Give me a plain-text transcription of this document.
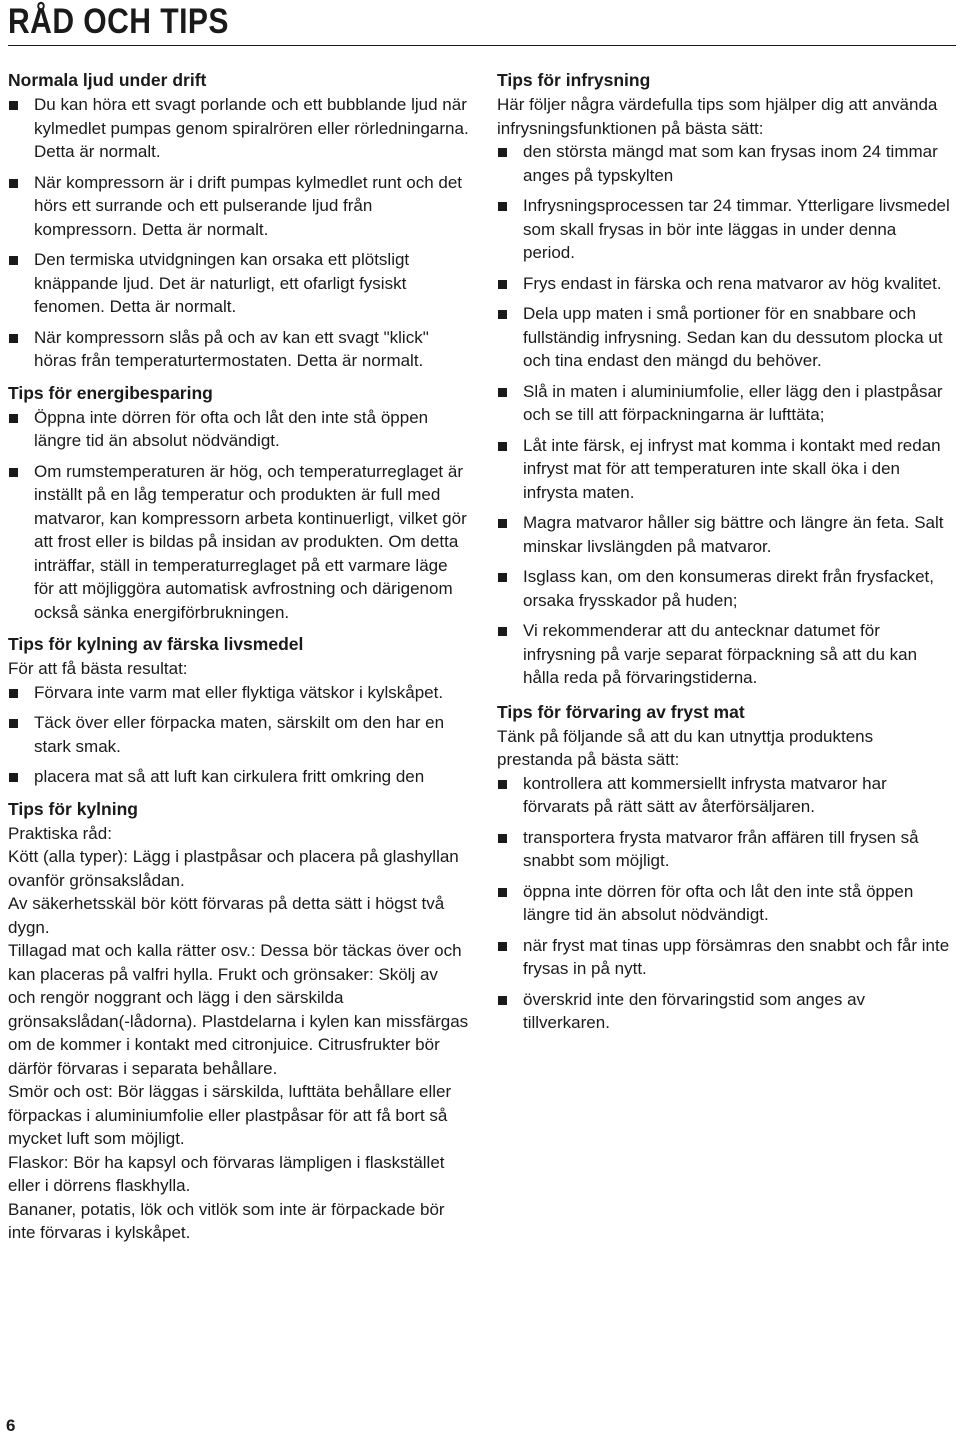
RÅD OCH TIPS
Normala ljud under drift
Du kan höra ett svagt porlande och ett bubblande ljud när kylmedlet pumpas genom spiralrören eller rörledningarna. Detta är normalt.
När kompressorn är i drift pumpas kylmedlet runt och det hörs ett surrande och ett pulserande ljud från kompressorn. Detta är normalt.
Den termiska utvidgningen kan orsaka ett plötsligt knäppande ljud. Det är naturligt, ett ofarligt fysiskt fenomen. Detta är normalt.
När kompressorn slås på och av kan ett svagt "klick" höras från temperaturtermostaten. Detta är normalt.
Tips för energibesparing
Öppna inte dörren för ofta och låt den inte stå öppen längre tid än absolut nödvändigt.
Om rumstemperaturen är hög, och temperaturreglaget är inställt på en låg temperatur och produkten är full med matvaror, kan kompressorn arbeta kontinuerligt, vilket gör att frost eller is bildas på insidan av produkten. Om detta inträffar, ställ in temperaturreglaget på ett varmare läge för att möjliggöra automatisk avfrostning och därigenom också sänka energiförbrukningen.
Tips för kylning av färska livsmedel

För att få bästa resultat:

Förvara inte varm mat eller flyktiga vätskor i kylskåpet.
Täck över eller förpacka maten, särskilt om den har en stark smak.
placera mat så att luft kan cirkulera fritt omkring den
Tips för kylning

Praktiska råd:

Kött (alla typer): Lägg i plastpåsar och placera på glashyllan ovanför grönsakslådan.

Av säkerhetsskäl bör kött förvaras på detta sätt i högst två dygn.

Tillagad mat och kalla rätter osv.: Dessa bör täckas över och kan placeras på valfri hylla. Frukt och grönsaker: Skölj av och rengör noggrant och lägg i den särskilda grönsakslådan(-lådorna). Plastdelarna i kylen kan missfärgas om de kommer i kontakt med citronjuice. Citrusfrukter bör därför förvaras i separata behållare.

Smör och ost: Bör läggas i särskilda, lufttäta behållare eller förpackas i aluminiumfolie eller plastpåsar för att få bort så mycket luft som möjligt.

Flaskor: Bör ha kapsyl och förvaras lämpligen i flaskstället eller i dörrens flaskhylla.

Bananer, potatis, lök och vitlök som inte är förpackade bör inte förvaras i kylskåpet.

Tips för infrysning

Här följer några värdefulla tips som hjälper dig att använda infrysningsfunktionen på bästa sätt:

den största mängd mat som kan frysas inom 24 timmar anges på typskylten
Infrysningsprocessen tar 24 timmar. Ytterligare livsmedel som skall frysas in bör inte läggas in under denna period.
Frys endast in färska och rena matvaror av hög kvalitet.
Dela upp maten i små portioner för en snabbare och fullständig infrysning. Sedan kan du dessutom plocka ut och tina endast den mängd du behöver.
Slå in maten i aluminiumfolie, eller lägg den i plastpåsar och se till att förpackningarna är lufttäta;
Låt inte färsk, ej infryst mat komma i kontakt med redan infryst mat för att temperaturen inte skall öka i den infrysta maten.
Magra matvaror håller sig bättre och längre än feta. Salt minskar livslängden på matvaror.
Isglass kan, om den konsumeras direkt från frysfacket, orsaka frysskador på huden;
Vi rekommenderar att du antecknar datumet för infrysning på varje separat förpackning så att du kan hålla reda på förvaringstiderna.
Tips för förvaring av fryst mat

Tänk på följande så att du kan utnyttja produktens prestanda på bästa sätt:

kontrollera att kommersiellt infrysta matvaror har förvarats på rätt sätt av återförsäljaren.
transportera frysta matvaror från affären till frysen så snabbt som möjligt.
öppna inte dörren för ofta och låt den inte stå öppen längre tid än absolut nödvändigt.
när fryst mat tinas upp försämras den snabbt och får inte frysas in på nytt.
överskrid inte den förvaringstid som anges av tillverkaren.
6
